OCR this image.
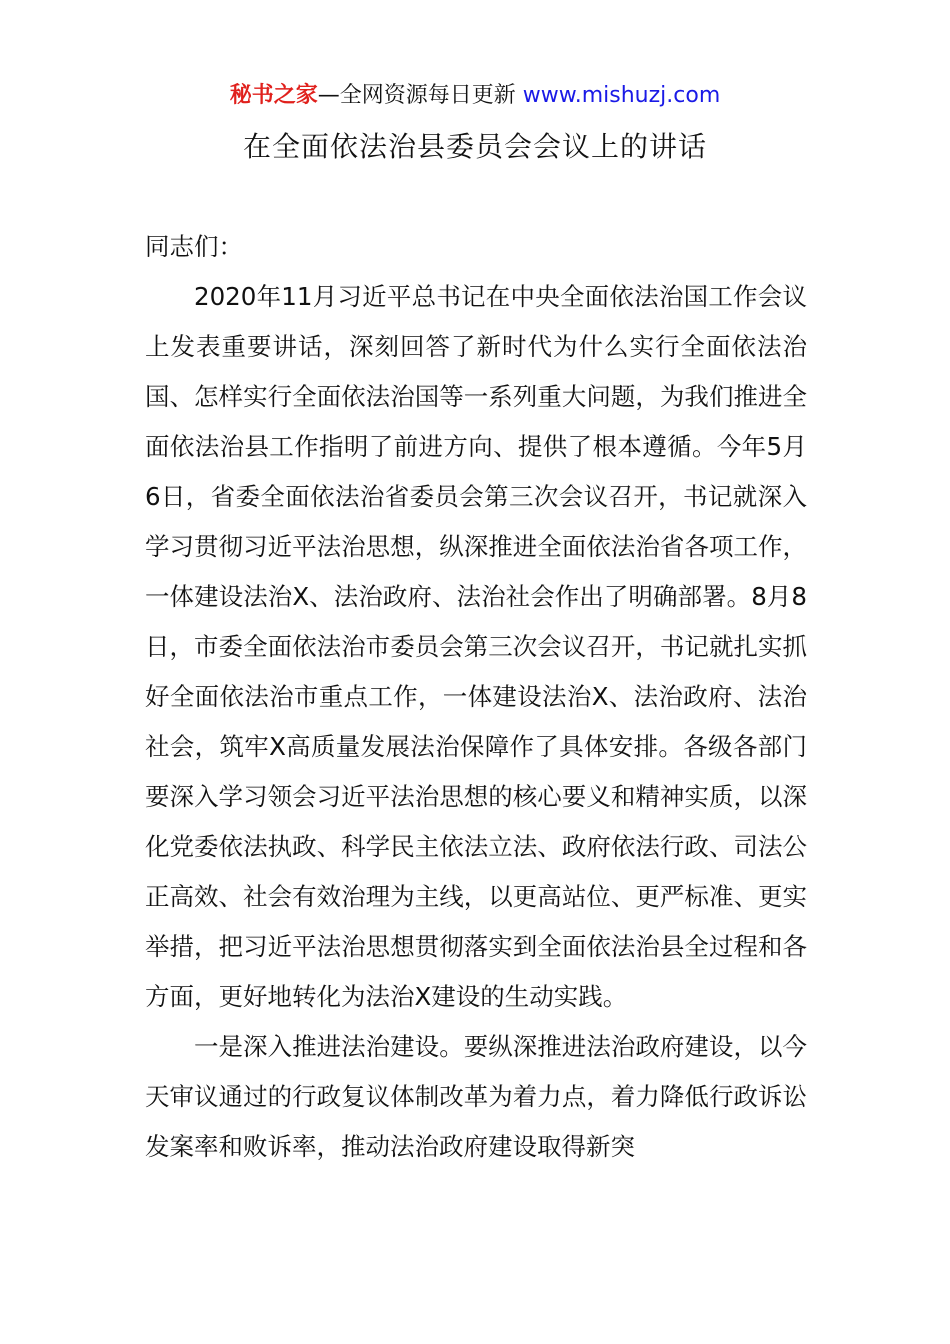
秘书之家—全网资源每日更新 www.mishuzj.com
在全面依法治县委员会会议上的讲话

同志们：

2020年11月习近平总书记在中央全面依法治国工作会议上发表重要讲话，深刻回答了新时代为什么实行全面依法治国、怎样实行全面依法治国等一系列重大问题，为我们推进全面依法治县工作指明了前进方向、提供了根本遵循。今年5月6日，省委全面依法治省委员会第三次会议召开，书记就深入学习贯彻习近平法治思想，纵深推进全面依法治省各项工作，一体建设法治X、法治政府、法治社会作出了明确部署。8月8日，市委全面依法治市委员会第三次会议召开，书记就扎实抓好全面依法治市重点工作，一体建设法治X、法治政府、法治社会，筑牢X高质量发展法治保障作了具体安排。各级各部门要深入学习领会习近平法治思想的核心要义和精神实质，以深化党委依法执政、科学民主依法立法、政府依法行政、司法公正高效、社会有效治理为主线，以更高站位、更严标准、更实举措，把习近平法治思想贯彻落实到全面依法治县全过程和各方面，更好地转化为法治X建设的生动实践。

一是深入推进法治建设。要纵深推进法治政府建设，以今天审议通过的行政复议体制改革为着力点，着力降低行政诉讼发案率和败诉率，推动法治政府建设取得新突
